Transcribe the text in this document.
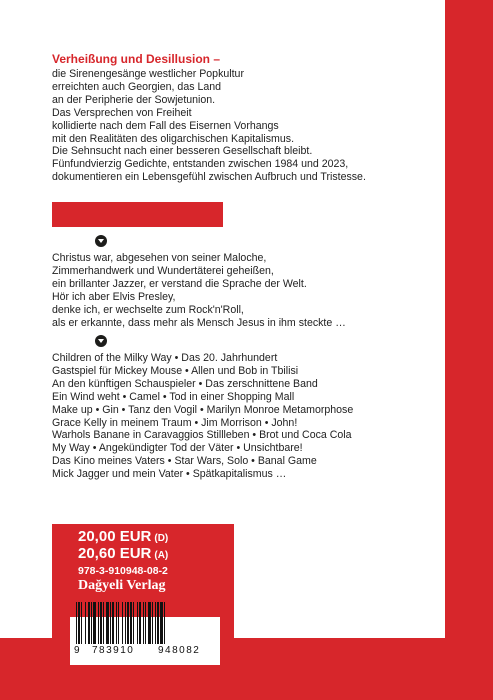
Verheißung und Desillusion –

die Sirenengesänge westlicher Popkultur
erreichten auch Georgien, das Land
an der Peripherie der Sowjetunion.
Das Versprechen von Freiheit
kollidierte nach dem Fall des Eisernen Vorhangs
mit den Realitäten des oligarchischen Kapitalismus.
Die Sehnsucht nach einer besseren Gesellschaft bleibt.
Fünfundvierzig Gedichte, entstanden zwischen 1984 und 2023,
dokumentieren ein Lebensgefühl zwischen Aufbruch und Tristesse.
Christus war, abgesehen von seiner Maloche,
Zimmerhandwerk und Wundertäterei geheißen,
ein brillanter Jazzer, er verstand die Sprache der Welt.
Hör ich aber Elvis Presley,
denke ich, er wechselte zum Rock'n'Roll,
als er erkannte, dass mehr als Mensch Jesus in ihm steckte …
Children of the Milky Way • Das 20. Jahrhundert
Gastspiel für Mickey Mouse • Allen und Bob in Tbilisi
An den künftigen Schauspieler • Das zerschnittene Band
Ein Wind weht • Camel • Tod in einer Shopping Mall
Make up • Gin • Tanz den Vogil • Marilyn Monroe Metamorphose
Grace Kelly in meinem Traum • Jim Morrison • John!
Warhols Banane in Caravaggios Stillleben • Brot und Coca Cola
My Way • Angekündigter Tod der Väter • Unsichtbare!
Das Kino meines Vaters • Star Wars, Solo • Banal Game
Mick Jagger und mein Vater • Spätkapitalismus …
20,00 EUR (D)
20,60 EUR (A)
978-3-910948-08-2
Dağyeli Verlag
9 783910 948082
